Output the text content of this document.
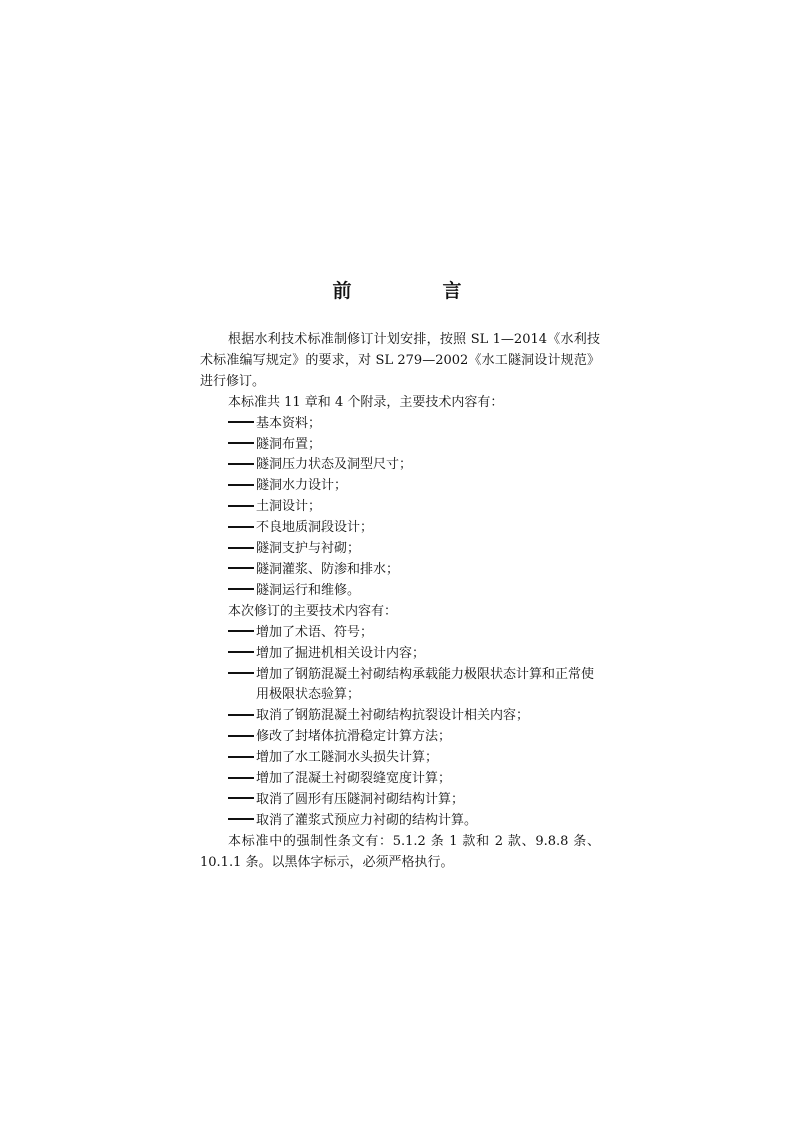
前　言

根据水利技术标准制修订计划安排，按照 SL 1—2014《水利技术标准编写规定》的要求，对 SL 279—2002《水工隧洞设计规范》进行修订。

本标准共 11 章和 4 个附录，主要技术内容有：

基本资料；

隧洞布置；

隧洞压力状态及洞型尺寸；

隧洞水力设计；

土洞设计；

不良地质洞段设计；

隧洞支护与衬砌；

隧洞灌浆、防渗和排水；

隧洞运行和维修。

本次修订的主要技术内容有：

增加了术语、符号；

增加了掘进机相关设计内容；

增加了钢筋混凝土衬砌结构承载能力极限状态计算和正常使用极限状态验算；

取消了钢筋混凝土衬砌结构抗裂设计相关内容；

修改了封堵体抗滑稳定计算方法；

增加了水工隧洞水头损失计算；

增加了混凝土衬砌裂缝宽度计算；

取消了圆形有压隧洞衬砌结构计算；

取消了灌浆式预应力衬砌的结构计算。

本标准中的强制性条文有：5.1.2 条 1 款和 2 款、9.8.8 条、10.1.1 条。以黑体字标示，必须严格执行。
